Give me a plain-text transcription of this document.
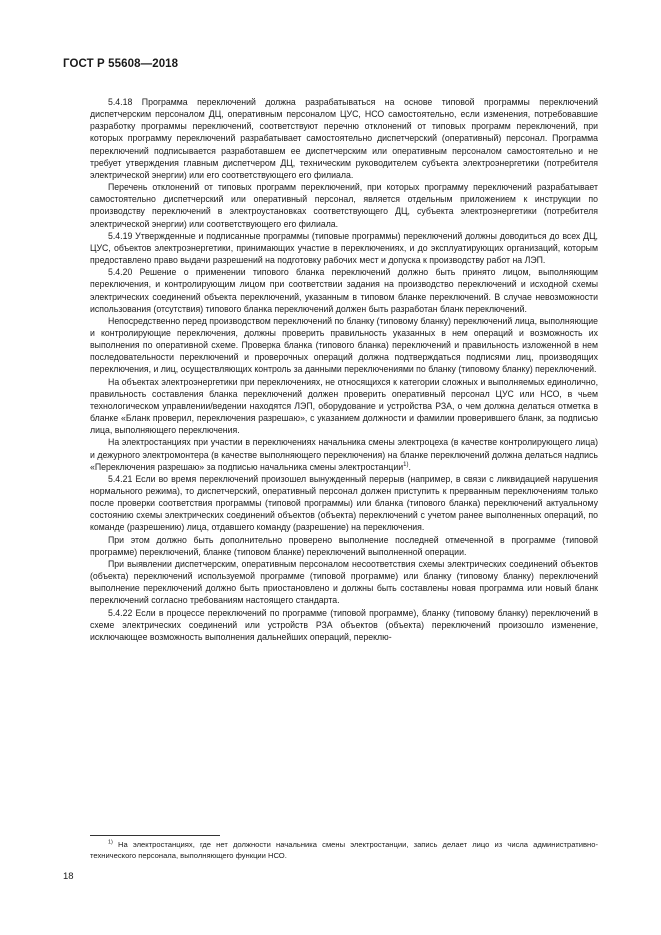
ГОСТ Р 55608—2018

5.4.18 Программа переключений должна разрабатываться на основе типовой программы переключений диспетчерским персоналом ДЦ, оперативным персоналом ЦУС, НСО самостоятельно, если изменения, потребовавшие разработку программы переключений, соответствуют перечню отклонений от типовых программ переключений, при которых программу переключений разрабатывает самостоятельно диспетчерский (оперативный) персонал. Программа переключений подписывается разработавшем ее диспетчерским или оперативным персоналом самостоятельно и не требует утверждения главным диспетчером ДЦ, техническим руководителем субъекта электроэнергетики (потребителя электрической энергии) или его соответствующего его филиала.

Перечень отклонений от типовых программ переключений, при которых программу переключений разрабатывает самостоятельно диспетчерский или оперативный персонал, является отдельным приложением к инструкции по производству переключений в электроустановках соответствующего ДЦ, субъекта электроэнергетики (потребителя электрической энергии) или соответствующего его филиала.

5.4.19 Утвержденные и подписанные программы (типовые программы) переключений должны доводиться до всех ДЦ, ЦУС, объектов электроэнергетики, принимающих участие в переключениях, и до эксплуатирующих организаций, которым предоставлено право выдачи разрешений на подготовку рабочих мест и допуска к производству работ на ЛЭП.

5.4.20 Решение о применении типового бланка переключений должно быть принято лицом, выполняющим переключения, и контролирующим лицом при соответствии задания на производство переключений и исходной схемы электрических соединений объекта переключений, указанным в типовом бланке переключений. В случае невозможности использования (отсутствия) типового бланка переключений должен быть разработан бланк переключений.

Непосредственно перед производством переключений по бланку (типовому бланку) переключений лица, выполняющие и контролирующие переключения, должны проверить правильность указанных в нем операций и возможность их выполнения по оперативной схеме. Проверка бланка (типового бланка) переключений и правильность изложенной в нем последовательности переключений и проверочных операций должна подтверждаться подписями лиц, производящих переключения, и лиц, осуществляющих контроль за данными переключениями по бланку (типовому бланку) переключений.

На объектах электроэнергетики при переключениях, не относящихся к категории сложных и выполняемых единолично, правильность составления бланка переключений должен проверить оперативный персонал ЦУС или НСО, в чьем технологическом управлении/ведении находятся ЛЭП, оборудование и устройства РЗА, о чем должна делаться отметка в бланке «Бланк проверил, переключения разрешаю», с указанием должности и фамилии проверившего бланк, за подписью лица, выполняющего переключения.

На электростанциях при участии в переключениях начальника смены электроцеха (в качестве контролирующего лица) и дежурного электромонтера (в качестве выполняющего переключения) на бланке переключений должна делаться надпись «Переключения разрешаю» за подписью начальника смены электростанции$^{1)}$.

5.4.21 Если во время переключений произошел вынужденный перерыв (например, в связи с ликвидацией нарушения нормального режима), то диспетчерский, оперативный персонал должен приступить к прерванным переключениям только после проверки соответствия программы (типовой программы) или бланка (типового бланка) переключений актуальному состоянию схемы электрических соединений объектов (объекта) переключений с учетом ранее выполненных операций, по команде (разрешению) лица, отдавшего команду (разрешение) на переключения.

При этом должно быть дополнительно проверено выполнение последней отмеченной в программе (типовой программе) переключений, бланке (типовом бланке) переключений выполненной операции.

При выявлении диспетчерским, оперативным персоналом несоответствия схемы электрических соединений объектов (объекта) переключений используемой программе (типовой программе) или бланку (типовому бланку) переключений выполнение переключений должно быть приостановлено и должны быть составлены новая программа или новый бланк переключений согласно требованиям настоящего стандарта.

5.4.22 Если в процессе переключений по программе (типовой программе), бланку (типовому бланку) переключений в схеме электрических соединений или устройств РЗА объектов (объекта) переключений произошло изменение, исключающее возможность выполнения дальнейших операций, переклю-

$^{1)}$ На электростанциях, где нет должности начальника смены электростанции, запись делает лицо из числа административно-технического персонала, выполняющего функции НСО.

18
